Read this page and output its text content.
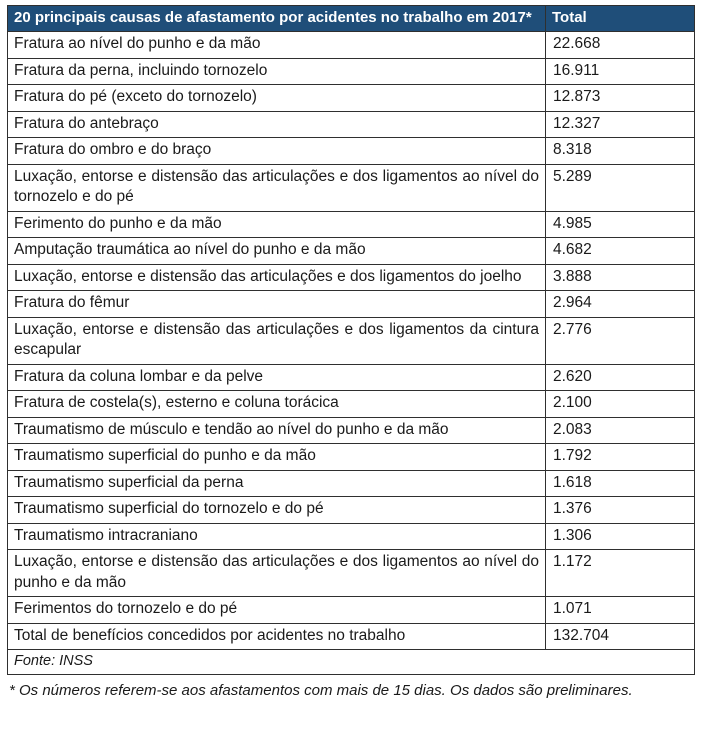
20 principais causas de afastamento por acidentes no trabalho em 2017*	Total
Fratura ao nível do punho e da mão	22.668
Fratura da perna, incluindo tornozelo	16.911
Fratura do pé (exceto do tornozelo)	12.873
Fratura do antebraço	12.327
Fratura do ombro e do braço	8.318
Luxação, entorse e distensão das articulações e dos ligamentos ao nível do tornozelo e do pé	5.289
Ferimento do punho e da mão	4.985
Amputação traumática ao nível do punho e da mão	4.682
Luxação, entorse e distensão das articulações e dos ligamentos do joelho	3.888
Fratura do fêmur	2.964
Luxação, entorse e distensão das articulações e dos ligamentos da cintura escapular	2.776
Fratura da coluna lombar e da pelve	2.620
Fratura de costela(s), esterno e coluna torácica	2.100
Traumatismo de músculo e tendão ao nível do punho e da mão	2.083
Traumatismo superficial do punho e da mão	1.792
Traumatismo superficial da perna	1.618
Traumatismo superficial do tornozelo e do pé	1.376
Traumatismo intracraniano	1.306
Luxação, entorse e distensão das articulações e dos ligamentos ao nível do punho e da mão	1.172
Ferimentos do tornozelo e do pé	1.071
Total de benefícios concedidos por acidentes no trabalho	132.704
Fonte: INSS	
* Os números referem-se aos afastamentos com mais de 15 dias. Os dados são preliminares.
